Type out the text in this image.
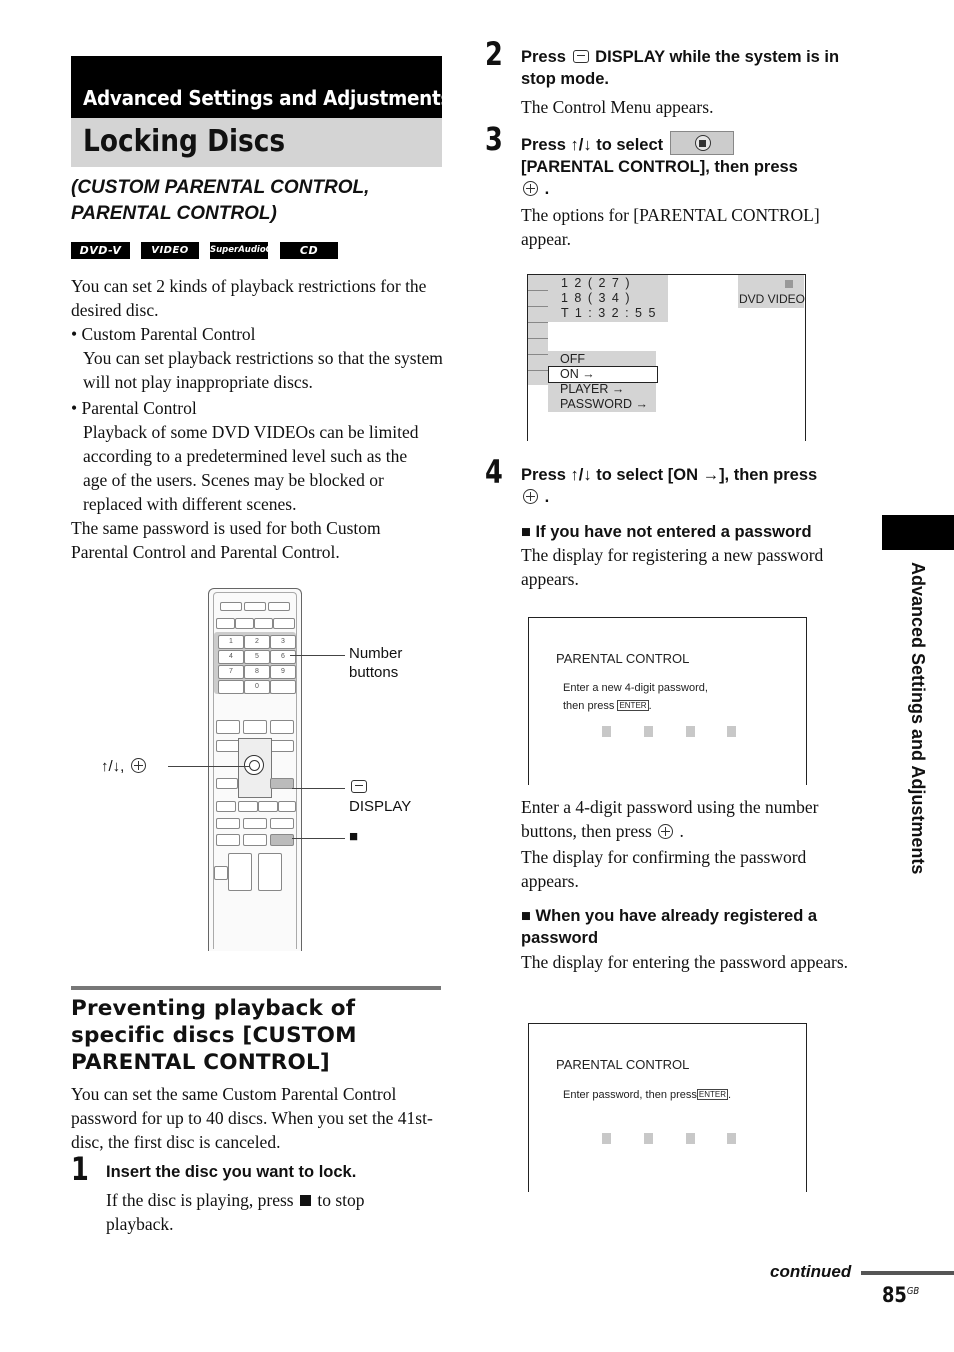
Advanced Settings and Adjustments
Locking Discs
(CUSTOM PARENTAL CONTROL,
PARENTAL CONTROL)
DVD-V	VIDEO CD
SuperAudioCD	CD
You can set 2 kinds of playback restrictions for the desired disc.
• Custom Parental Control
You can set playback restrictions so that the system will not play inappropriate discs.
• Parental Control
Playback of some DVD VIDEOs can be limited according to a predetermined level such as the age of the users. Scenes may be blocked or replaced with different scenes.
The same password is used for both Custom Parental Control and Parental Control.
1	2	3
4	5	6
7	8	9
0
Number buttons
↑/↓,
DISPLAY
■
Preventing playback of specific discs [CUSTOM PARENTAL CONTROL]
You can set the same Custom Parental Control password for up to 40 discs. When you set the 41st-disc, the first disc is canceled.
1 Insert the disc you want to lock.
If the disc is playing, press to stop playback.
2 Press DISPLAY while the system is in stop mode.
The Control Menu appears.
3 Press ↑/↓ to select
[PARENTAL CONTROL], then press
.
The options for [PARENTAL CONTROL] appear.
1 2 ( 2 7 )
1 8 ( 3 4 )
T 1 : 3 2 : 5 5
DVD VIDEO
OFF
ON →
PLAYER →
PASSWORD →
4 Press ↑/↓ to select [ON →], then press
.
■ If you have not entered a password
The display for registering a new password appears.
PARENTAL CONTROL
Enter a new 4-digit password,
then press ENTER .
Enter a 4-digit password using the number buttons, then press  .
The display for confirming the password appears.
■ When you have already registered a password
The display for entering the password appears.
PARENTAL CONTROL
Enter password, then press ENTER .
Advanced Settings and Adjustments
continued
$85^{GB}$
